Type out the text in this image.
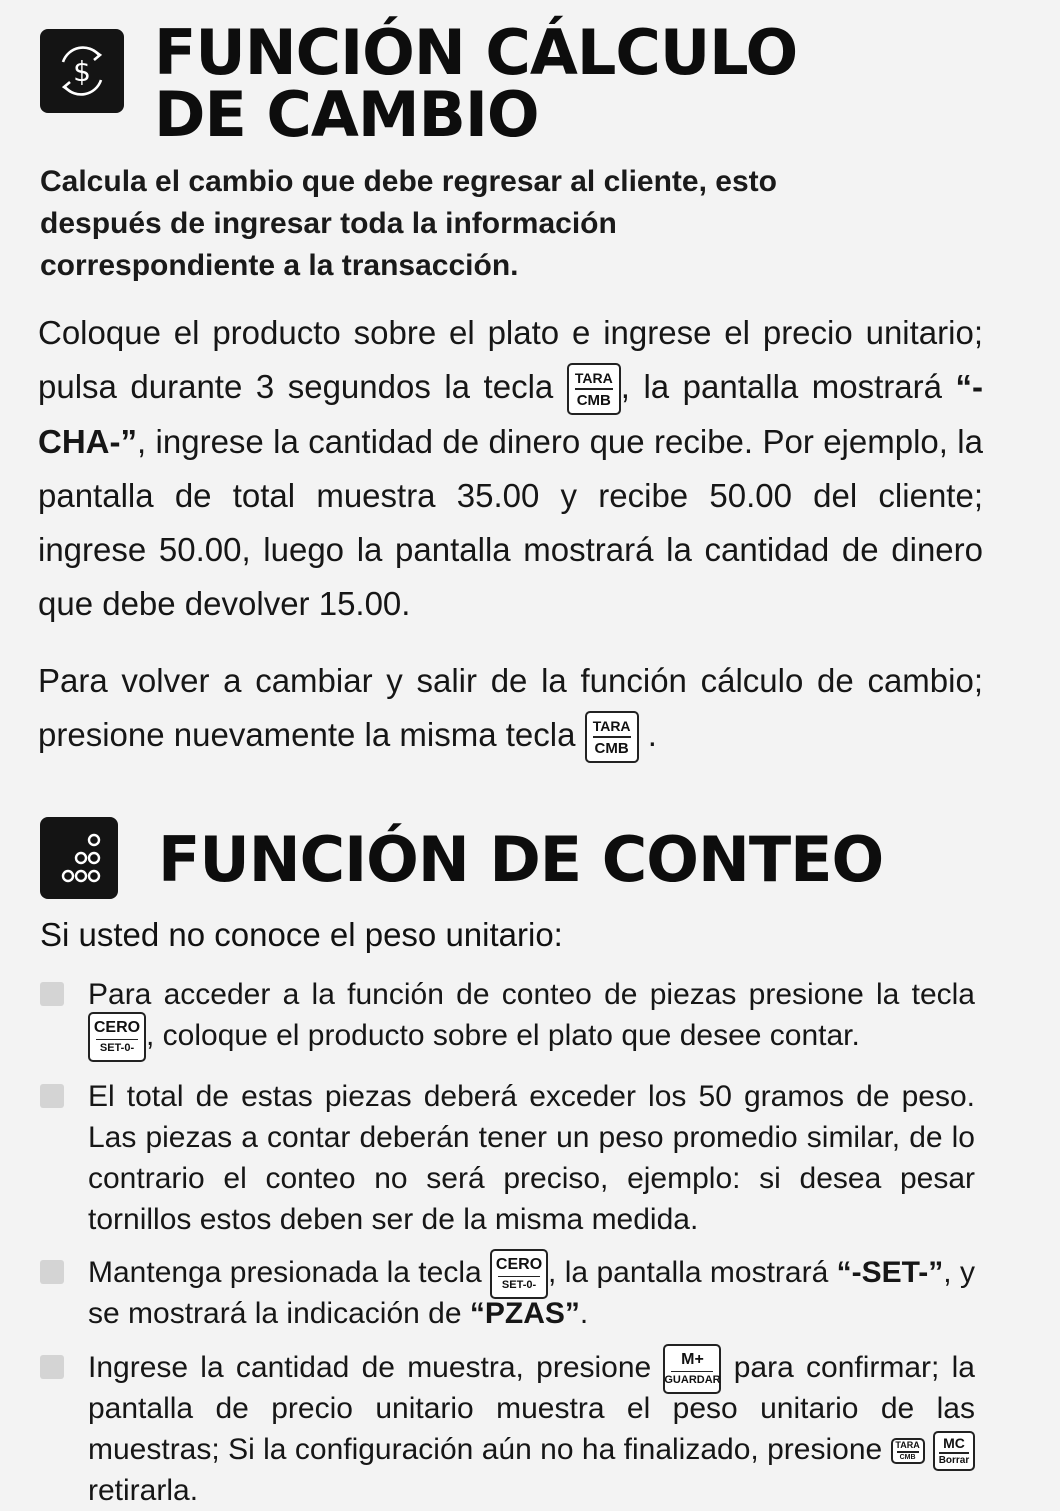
$ FUNCIÓN CÁLCULO
DE CAMBIO
Calcula el cambio que debe regresar al cliente, esto después de ingresar toda la información correspondiente a la transacción.
Coloque el producto sobre el plato e ingrese el precio unitario; pulsa durante 3 segundos la tecla TARA
CMB , la pantalla mostrará “-CHA-”, ingrese la cantidad de dinero que recibe. Por ejemplo, la pantalla de total muestra 35.00 y recibe 50.00 del cliente; ingrese 50.00, luego la pantalla mostrará la cantidad de dinero que debe devolver 15.00.
Para volver a cambiar y salir de la función cálculo de cambio; presione nuevamente la misma tecla TARA
CMB .
FUNCIÓN DE CONTEO
Si usted no conoce el peso unitario:
Para acceder a la función de conteo de piezas presione la tecla
CERO
SET-0- , coloque el producto sobre el plato que desee contar.
El total de estas piezas deberá exceder los 50 gramos de peso. Las piezas a contar deberán tener un peso promedio similar, de lo contrario el conteo no será preciso, ejemplo: si desea pesar tornillos estos deben ser de la misma medida.
Mantenga presionada la tecla CERO
SET-0- , la pantalla mostrará “-SET-”, y se mostrará la indicación de “PZAS”.
Ingrese la cantidad de muestra, presione M+
GUARDAR para confirmar; la pantalla de precio unitario muestra el peso unitario de las muestras; Si la configuración aún no ha finalizado, presione TARA
CMB

MC
Borrar
retirarla.
